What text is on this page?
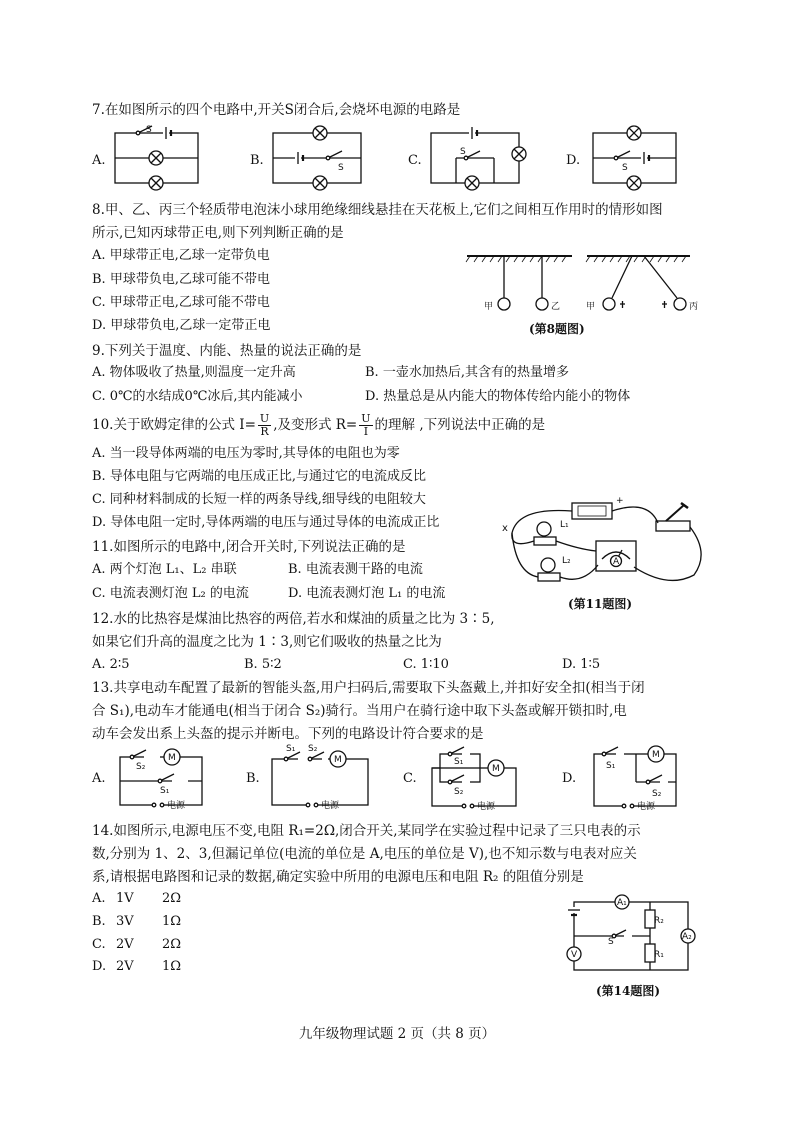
7.在如图所示的四个电路中,开关S闭合后,会烧坏电源的电路是
A.	B.	C.	D.
S
S
S
S
8.甲、乙、丙三个轻质带电泡沫小球用绝缘细线悬挂在天花板上,它们之间相互作用时的情形如图
所示,已知丙球带正电,则下列判断正确的是
A. 甲球带正电,乙球一定带负电
B. 甲球带负电,乙球可能不带电
C. 甲球带正电,乙球可能不带电
D. 甲球带负电,乙球一定带正电
甲	乙	甲	丙
(第8题图)
9.下列关于温度、内能、热量的说法正确的是
A. 物体吸收了热量,则温度一定升高	B. 一壶水加热后,其含有的热量增多
C. 0℃的水结成0℃冰后,其内能减小	D. 热量总是从内能大的物体传给内能小的物体
10.关于欧姆定律的公式 $I= \frac{U}{R}$ ,及变形式 $R= \frac{U}{I}$ 的理解 ,下列说法中正确的是
A. 当一段导体两端的电压为零时,其导体的电阻也为零
B. 导体电阻与它两端的电压成正比,与通过它的电流成反比
C. 同种材料制成的长短一样的两条导线,细导线的电阻较大
D. 导体电阻一定时,导体两端的电压与通过导体的电流成正比
11.如图所示的电路中,闭合开关时,下列说法正确的是
A. 两个灯泡 L₁、L₂ 串联	B. 电流表测干路的电流
C. 电流表测灯泡 L₂ 的电流	D. 电流表测灯泡 L₁ 的电流
+
A
L₁
L₂
x
(第11题图)
12.水的比热容是煤油比热容的两倍,若水和煤油的质量之比为 3∶5,
如果它们升高的温度之比为 1∶3,则它们吸收的热量之比为
A. 2∶5	B. 5∶2	C. 1∶10	D. 1∶5
13.共享电动车配置了最新的智能头盔,用户扫码后,需要取下头盔戴上,并扣好安全扣(相当于闭
合 S₁),电动车才能通电(相当于闭合 S₂)骑行。当用户在骑行途中取下头盔或解开锁扣时,电
动车会发出系上头盔的提示并断电。下列的电路设计符合要求的是
A.	B.	C.	D.
M
S₂
S₁
电源
S₁ S₂
M
电源
S₁
S₂
M
电源
S₁
M
S₂
电源
14.如图所示,电源电压不变,电阻 R₁=2Ω,闭合开关,某同学在实验过程中记录了三只电表的示
数,分别为 1、2、3,但漏记单位(电流的单位是 A,电压的单位是 V),也不知示数与电表对应关
系,请根据电路图和记录的数据,确定实验中所用的电源电压和电阻 R₂ 的阻值分别是
A. 1V 2Ω
B. 3V 1Ω
C. 2V 2Ω
D. 2V 1Ω
A₁
R₂
R₁
S
V
A₂
(第14题图)
九年级物理试题 2 页（共 8 页）
